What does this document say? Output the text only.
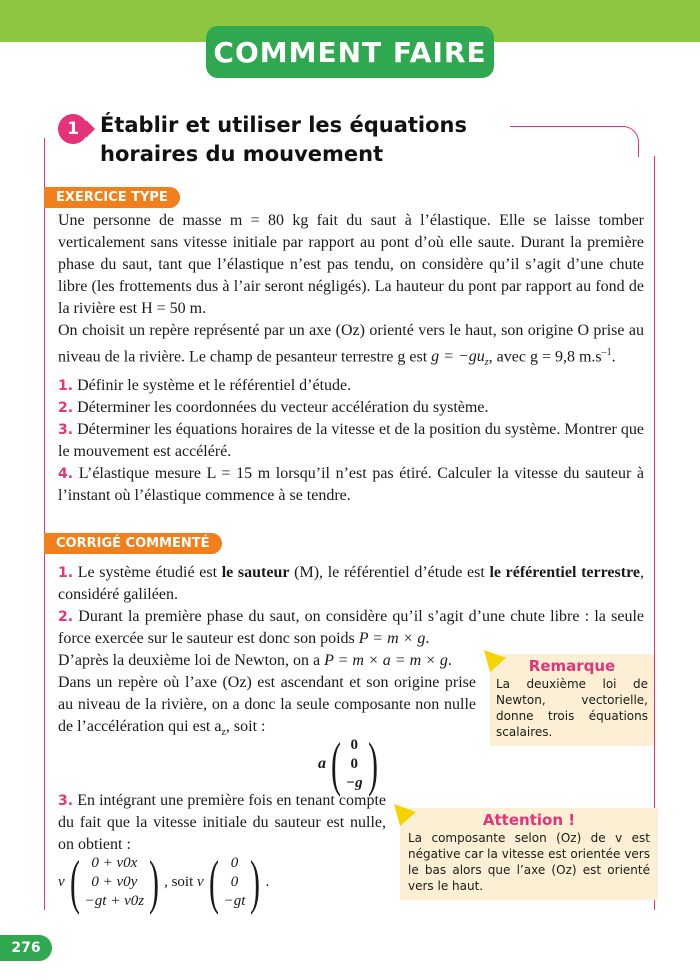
COMMENT FAIRE
1	Établir et utiliser les équations horaires du mouvement
EXERCICE TYPE
Une personne de masse m = 80 kg fait du saut à l’élastique. Elle se laisse tomber verticalement sans vitesse initiale par rapport au pont d’où elle saute. Durant la première phase du saut, tant que l’élastique n’est pas tendu, on considère qu’il s’agit d’une chute libre (les frottements dus à l’air seront négligés). La hauteur du pont par rapport au fond de la rivière est H = 50 m.
On choisit un repère représenté par un axe (Oz) orienté vers le haut, son origine O prise au niveau de la rivière. Le champ de pesanteur terrestre g est $g = -gu_z$, avec g = 9,8 $m.s^{-1}$.
1. Définir le système et le référentiel d’étude.
2. Déterminer les coordonnées du vecteur accélération du système.
3. Déterminer les équations horaires de la vitesse et de la position du système. Montrer que le mouvement est accéléré.
4. L’élastique mesure L = 15 m lorsqu’il n’est pas étiré. Calculer la vitesse du sauteur à l’instant où l’élastique commence à se tendre.
CORRIGÉ COMMENTÉ
1. Le système étudié est le sauteur (M), le référentiel d’étude est le référentiel terrestre, considéré galiléen.
2. Durant la première phase du saut, on considère qu’il s’agit d’une chute libre : la seule force exercée sur le sauteur est donc son poids P = m × g.
D’après la deuxième loi de Newton, on a P = m × a = m × g.
Dans un repère où l’axe (Oz) est ascendant et son origine prise au niveau de la rivière, on a donc la seule composante non nulle de l’accélération qui est $a_z$, soit :
a ( 0
0
−g )
3. En intégrant une première fois en tenant compte du fait que la vitesse initiale du sauteur est nulle, on obtient :
v ( 0 + v0x
0 + v0y
−gt + v0z ) , soit
v ( 0
0
−gt ) .
Remarque
La deuxième loi de Newton, vectorielle, donne trois équations scalaires.
Attention !
La composante selon (Oz) de v est négative car la vitesse est orientée vers le bas alors que l’axe (Oz) est orienté vers le haut.
276
